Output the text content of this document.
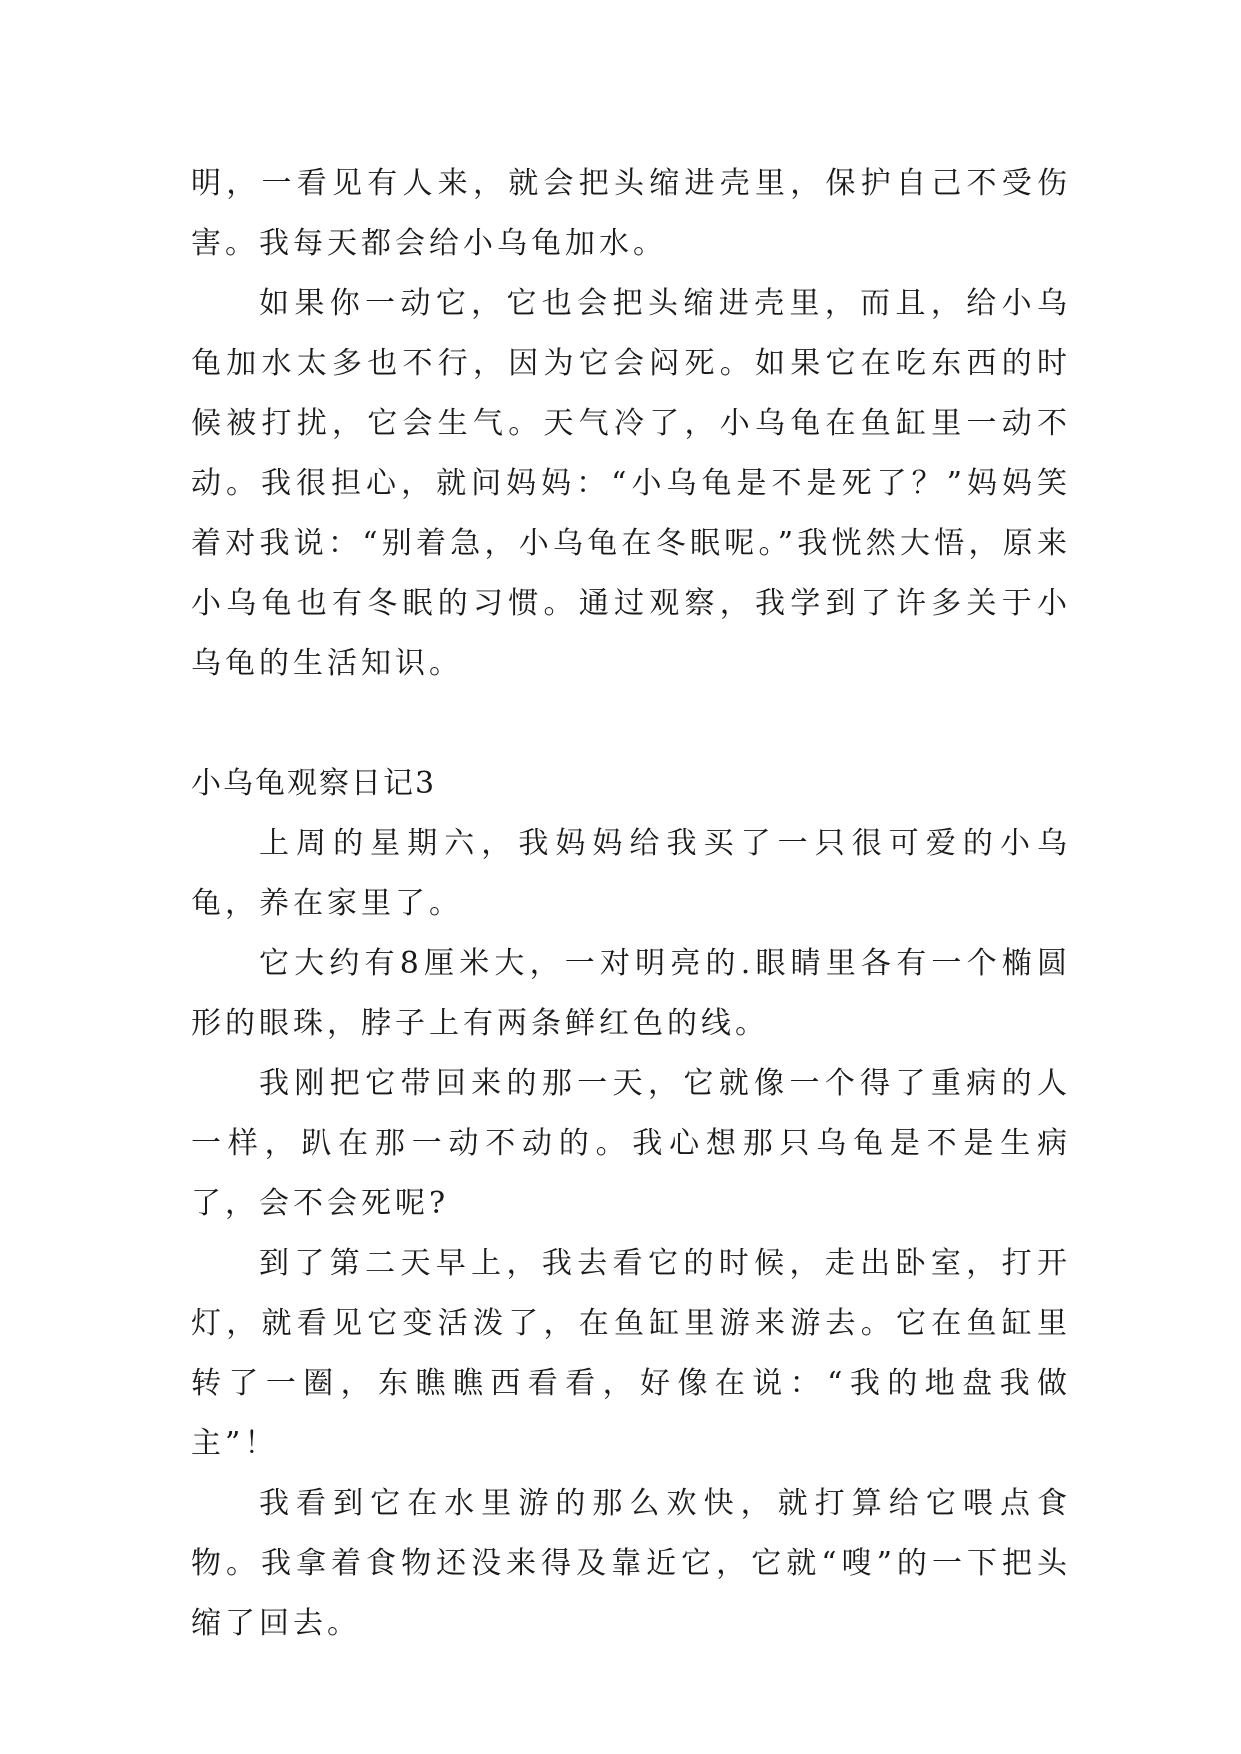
明，一看见有人来，就会把头缩进壳里，保护自己不受伤害。我每天都会给小乌龟加水。

如果你一动它，它也会把头缩进壳里，而且，给小乌龟加水太多也不行，因为它会闷死。如果它在吃东西的时候被打扰，它会生气。天气冷了，小乌龟在鱼缸里一动不动。我很担心，就问妈妈：“小乌龟是不是死了？”妈妈笑着对我说：“别着急，小乌龟在冬眠呢。”我恍然大悟，原来小乌龟也有冬眠的习惯。通过观察，我学到了许多关于小乌龟的生活知识。

小乌龟观察日记3

上周的星期六，我妈妈给我买了一只很可爱的小乌龟，养在家里了。

它大约有8厘米大，一对明亮的.眼睛里各有一个椭圆形的眼珠，脖子上有两条鲜红色的线。

我刚把它带回来的那一天，它就像一个得了重病的人一样，趴在那一动不动的。我心想那只乌龟是不是生病了，会不会死呢?

到了第二天早上，我去看它的时候，走出卧室，打开灯，就看见它变活泼了，在鱼缸里游来游去。它在鱼缸里转了一圈，东瞧瞧西看看，好像在说：“我的地盘我做主”！

我看到它在水里游的那么欢快，就打算给它喂点食物。我拿着食物还没来得及靠近它，它就“嗖”的一下把头缩了回去。
